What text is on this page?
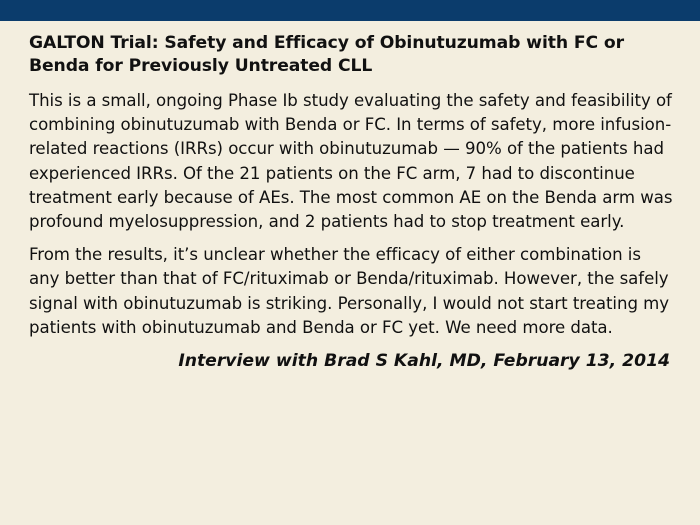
GALTON Trial: Safety and Efficacy of Obinutuzumab with FC or
Benda for Previously Untreated CLL

This is a small, ongoing Phase Ib study evaluating the safety and feasibility of combining obinutuzumab with Benda or FC. In terms of safety, more infusion-related reactions (IRRs) occur with obinutuzumab — 90% of the patients had experienced IRRs. Of the 21 patients on the FC arm, 7 had to discontinue treatment early because of AEs. The most common AE on the Benda arm was profound myelosuppression, and 2 patients had to stop treatment early.

From the results, it’s unclear whether the efficacy of either combination is any better than that of FC/rituximab or Benda/rituximab. However, the safely signal with obinutuzumab is striking. Personally, I would not start treating my patients with obinutuzumab and Benda or FC yet. We need more data.

Interview with Brad S Kahl, MD, February 13, 2014
